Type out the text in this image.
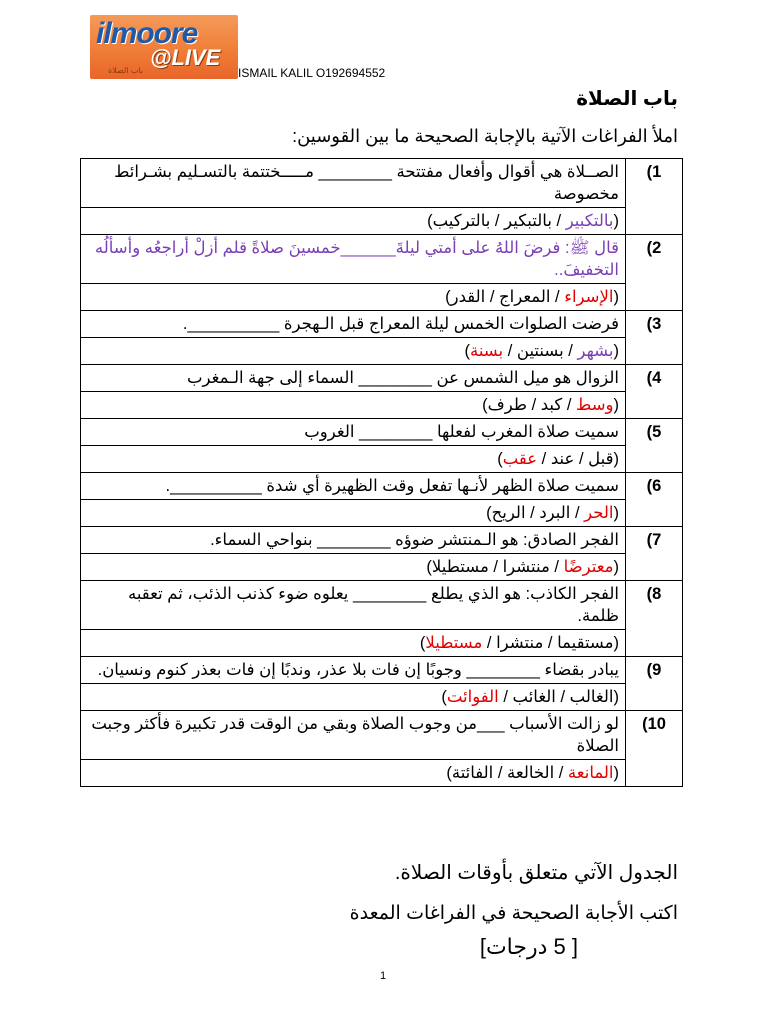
ilmoore
@LIVE
ﺑﺎﺏ ﺍﻟﺼﻼﺓ	ISMAIL KALIL O192694552
باب الصلاة
املأ الفراغات الآتية بالإجابة الصحيحة ما بين القوسين:
1)	الصــلاة هي أقوال وأفعال مفتتحة ________ مـــــختتمة بالتسـليم بشـرائط مخصوصة
	(بالتكبير / بالتبكير / بالتركيب)
2)	قال ﷺ: فرضَ اللهُ على أمتي ليلةَ______خمسينَ صلاةً قلم أزلْ أراجعُه وأسألُه التخفيفَ..
	(الإسراء / المعراج / القدر)
3)	فرضت الصلوات الخمس ليلة المعراج قبل الـهجرة __________.
	(بشهر / بسنتين / بسنة)
4)	الزوال هو ميل الشمس عن ________ السماء إلى جهة الـمغرب
	(وسط / كبد / طرف)
5)	سميت صلاة المغرب لفعلها ________ الغروب
	(قبل / عند / عقب)
6)	سميت صلاة الظهر لأنـها تفعل وقت الظهيرة أي شدة __________.
	(الحر / البرد / الريح)
7)	الفجر الصادق: هو الـمنتشر ضوؤه ________ بنواحي السماء.
	(معترضًا / منتشرا / مستطيلا)
8)	الفجر الكاذب: هو الذي يطلع ________ يعلوه ضوء كذنب الذئب، ثم تعقبه ظلمة.
	(مستقيما / منتشرا / مستطيلا)
9)	يبادر بقضاء ________ وجوبًا إن فات بلا عذر، وندبًا إن فات بعذر كنوم ونسيان.
	(الغالب / الغائب / الفوائت)
10)	لو زالت الأسباب ___من وجوب الصلاة وبقي من الوقت قدر تكبيرة فأكثر وجبت الصلاة
	(المانعة / الخالعة / الفائتة)
الجدول الآتي متعلق بأوقات الصلاة.
اكتب الأجابة الصحيحة في الفراغات المعدة
[ 5 درجات]
1
